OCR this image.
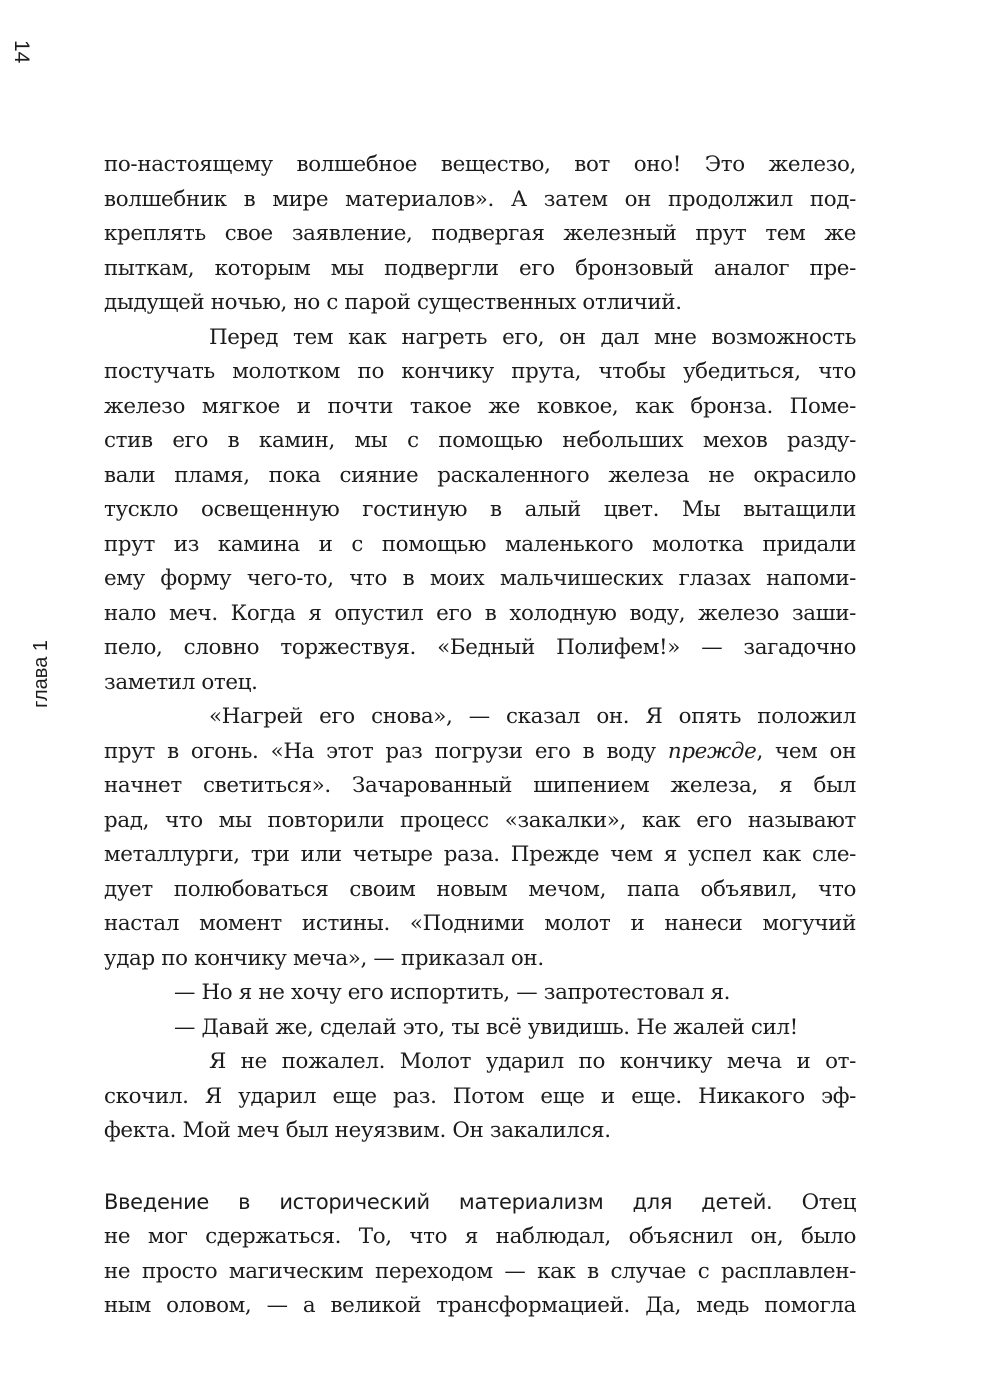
14
глава 1
по-настоящему волшебное вещество, вот оно! Это железо,
волшебник в мире материалов». А затем он продолжил под-
креплять свое заявление, подвергая железный прут тем же
пыткам, которым мы подвергли его бронзовый аналог пре-
дыдущей ночью, но с парой существенных отличий.
Перед тем как нагреть его, он дал мне возможность
постучать молотком по кончику прута, чтобы убедиться, что
железо мягкое и почти такое же ковкое, как бронза. Поме-
стив его в камин, мы с помощью небольших мехов разду-
вали пламя, пока сияние раскаленного железа не окрасило
тускло освещенную гостиную в алый цвет. Мы вытащили
прут из камина и с помощью маленького молотка придали
ему форму чего-то, что в моих мальчишеских глазах напоми-
нало меч. Когда я опустил его в холодную воду, железо заши-
пело, словно торжествуя. «Бедный Полифем!» — загадочно
заметил отец.
«Нагрей его снова», — сказал он. Я опять положил
прут в огонь. «На этот раз погрузи его в воду прежде, чем он
начнет светиться». Зачарованный шипением железа, я был
рад, что мы повторили процесс «закалки», как его называют
металлурги, три или четыре раза. Прежде чем я успел как сле-
дует полюбоваться своим новым мечом, папа объявил, что
настал момент истины. «Подними молот и нанеси могучий
удар по кончику меча», — приказал он.
— Но я не хочу его испортить, — запротестовал я.
— Давай же, сделай это, ты всё увидишь. Не жалей сил!
Я не пожалел. Молот ударил по кончику меча и от-
скочил. Я ударил еще раз. Потом еще и еще. Никакого эф-
фекта. Мой меч был неуязвим. Он закалился.
Введение в исторический материализм для детей. Отец
не мог сдержаться. То, что я наблюдал, объяснил он, было
не просто магическим переходом — как в случае с расплавлен-
ным оловом, — а великой трансформацией. Да, медь помогла
